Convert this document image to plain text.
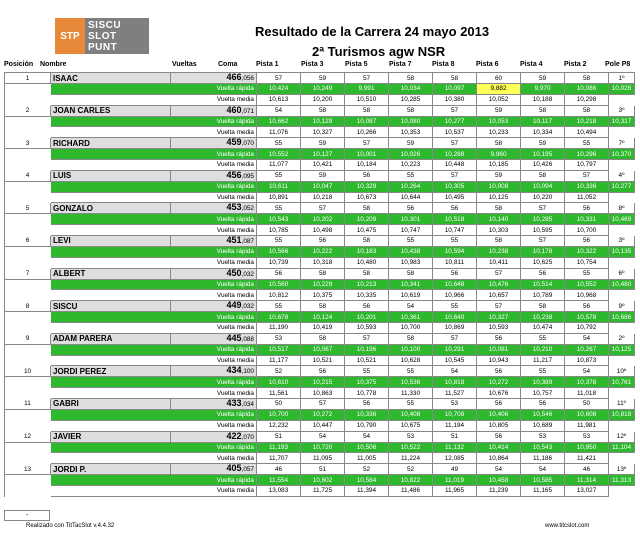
STP
SISCU
SLOT
PUNT
Resultado de la Carrera 24 mayo 2013
2ª Turismos agw NSR
Posición Nombre	Vueltas	Coma	Pista 1	Pista 3	Pista 5	Pista 7	Pista 8	Pista 6	Pista 4	Pista 2	Pole P8
1	ISAAC	466,056	57	59	57	58	58	60	59	58	1º
	Vuelta rápida		10,424	10,249	9,991	10,034	10,097	9,882	9,970	10,086	10,026
	Vuelta media		10,613	10,200	10,510	10,285	10,380	10,052	10,188	10,298	
2	JOAN CARLES	460,071	54	58	58	58	57	59	58	58	3º
	Vuelta rápida		10,662	10,129	10,087	10,080	10,277	10,053	10,117	10,218	10,317
	Vuelta media		11,076	10,327	10,266	10,353	10,537	10,233	10,334	10,494	
3	RICHARD	459,070	55	59	57	59	57	58	59	55	7º
	Vuelta rápida		10,552	10,127	10,001	10,026	10,288	9,960	10,195	10,296	10,370
	Vuelta media		11,077	10,421	10,184	10,223	10,448	10,185	10,426	10,797	
4	LUIS	456,095	55	59	56	55	57	59	58	57	4º
	Vuelta rápida		10,611	10,047	10,329	10,264	10,305	10,008	10,094	10,336	10,277
	Vuelta media		10,891	10,218	10,673	10,644	10,495	10,125	10,220	11,052	
5	GONZALO	453,052	55	57	58	56	56	58	57	56	8º
	Vuelta rápida		10,543	10,202	10,209	10,301	10,518	10,140	10,285	10,331	10,469
	Vuelta media		10,785	10,498	10,475	10,747	10,747	10,303	10,595	10,700	
6	LEVI	451,087	55	56	58	55	55	58	57	56	3º
	Vuelta rápida		10,566	10,222	10,183	10,438	10,594	10,238	10,178	10,322	10,135
	Vuelta media		10,739	10,318	10,480	10,983	10,811	10,411	10,625	10,754	
7	ALBERT	450,032	56	58	58	58	56	57	56	55	6º
	Vuelta rápida		10,560	10,229	10,213	10,341	10,648	10,476	10,514	10,552	10,480
	Vuelta media		10,812	10,375	10,335	10,619	10,966	10,657	10,789	10,968	
8	SISCU	449,032	55	58	56	54	55	57	58	56	9º
	Vuelta rápida		10,678	10,124	10,201	10,361	10,640	10,327	10,238	10,578	10,686
	Vuelta media		11,190	10,419	10,593	10,700	10,869	10,593	10,474	10,792	
9	ADAM PARERA	445,088	53	58	57	58	57	56	55	54	2º
	Vuelta rápida		10,517	10,067	10,196	10,100	10,291	10,081	10,210	10,267	10,125
	Vuelta media		11,177	10,521	10,521	10,628	10,545	10,943	11,217	10,873	
10	JORDI PEREZ	434,100	52	56	55	55	54	56	55	54	10º
	Vuelta rápida		10,610	10,215	10,375	10,536	10,818	10,272	10,389	10,378	10,761
	Vuelta media		11,561	10,863	10,778	11,330	11,527	10,676	10,757	11,018	
11	GABRI	433,034	50	57	56	55	53	56	56	50	11º
	Vuelta rápida		10,700	10,272	10,336	10,408	10,708	10,406	10,546	10,608	10,818
	Vuelta media		12,232	10,447	10,790	10,675	11,194	10,805	10,689	11,981	
12	JAVIER	422,070	51	54	54	53	51	56	53	53	12º
	Vuelta rápida		11,193	10,720	10,506	10,522	11,132	10,414	10,543	10,950	11,104
	Vuelta media		11,707	11,095	11,005	11,224	12,085	10,864	11,186	11,421	
13	JORDI P.	405,057	46	51	52	52	49	54	54	46	13º
	Vuelta rápida		11,554	10,602	10,584	10,822	11,019	10,458	10,585	11,314	11,313
	Vuelta media		13,083	11,725	11,394	11,486	11,965	11,239	11,165	13,027	
-
Realizado con TitTacSlot v.4.4.32	www.titcslot.com
